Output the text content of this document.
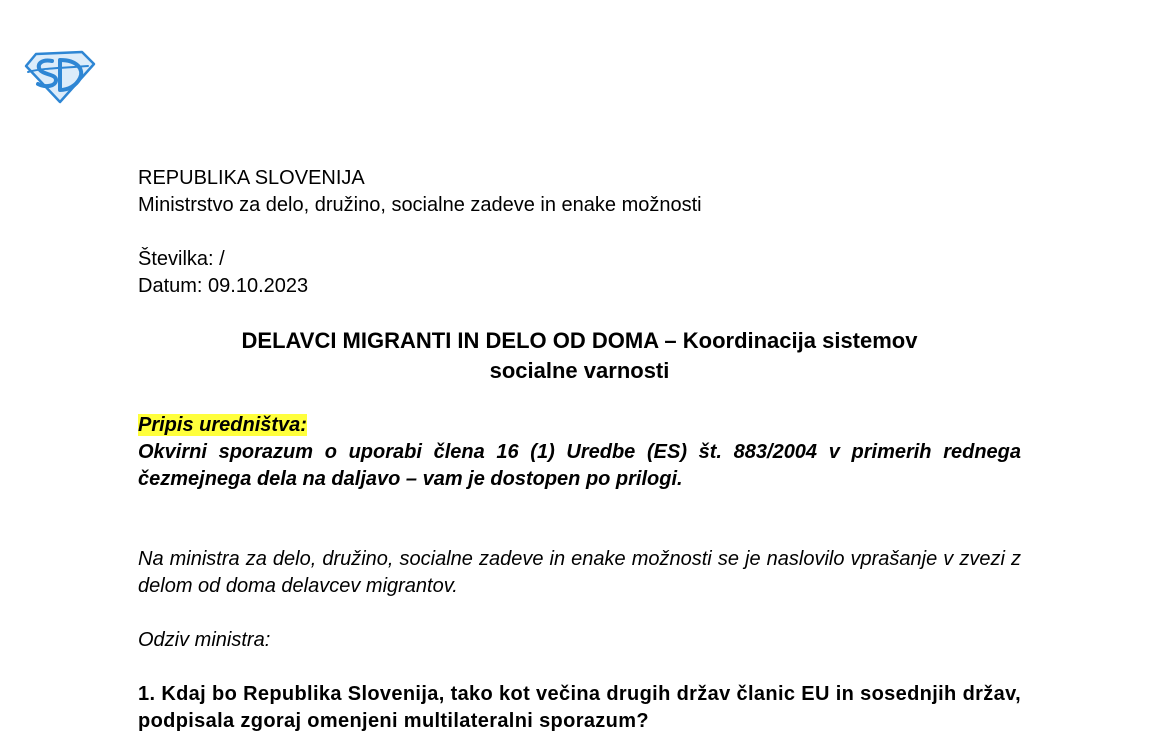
REPUBLIKA SLOVENIJA
Ministrstvo za delo, družino, socialne zadeve in enake možnosti
Številka: /
Datum: 09.10.2023
DELAVCI MIGRANTI IN DELO OD DOMA – Koordinacija sistemov
socialne varnosti
Pripis uredništva:
Okvirni sporazum o uporabi člena 16 (1) Uredbe (ES) št. 883/2004 v primerih rednega čezmejnega dela na daljavo – vam je dostopen po prilogi.
Na ministra za delo, družino, socialne zadeve in enake možnosti se je naslovilo vprašanje v zvezi z delom od doma delavcev migrantov.
Odziv ministra:
1. Kdaj bo Republika Slovenija, tako kot večina drugih držav članic EU in sosednjih držav, podpisala zgoraj omenjeni multilateralni sporazum?
